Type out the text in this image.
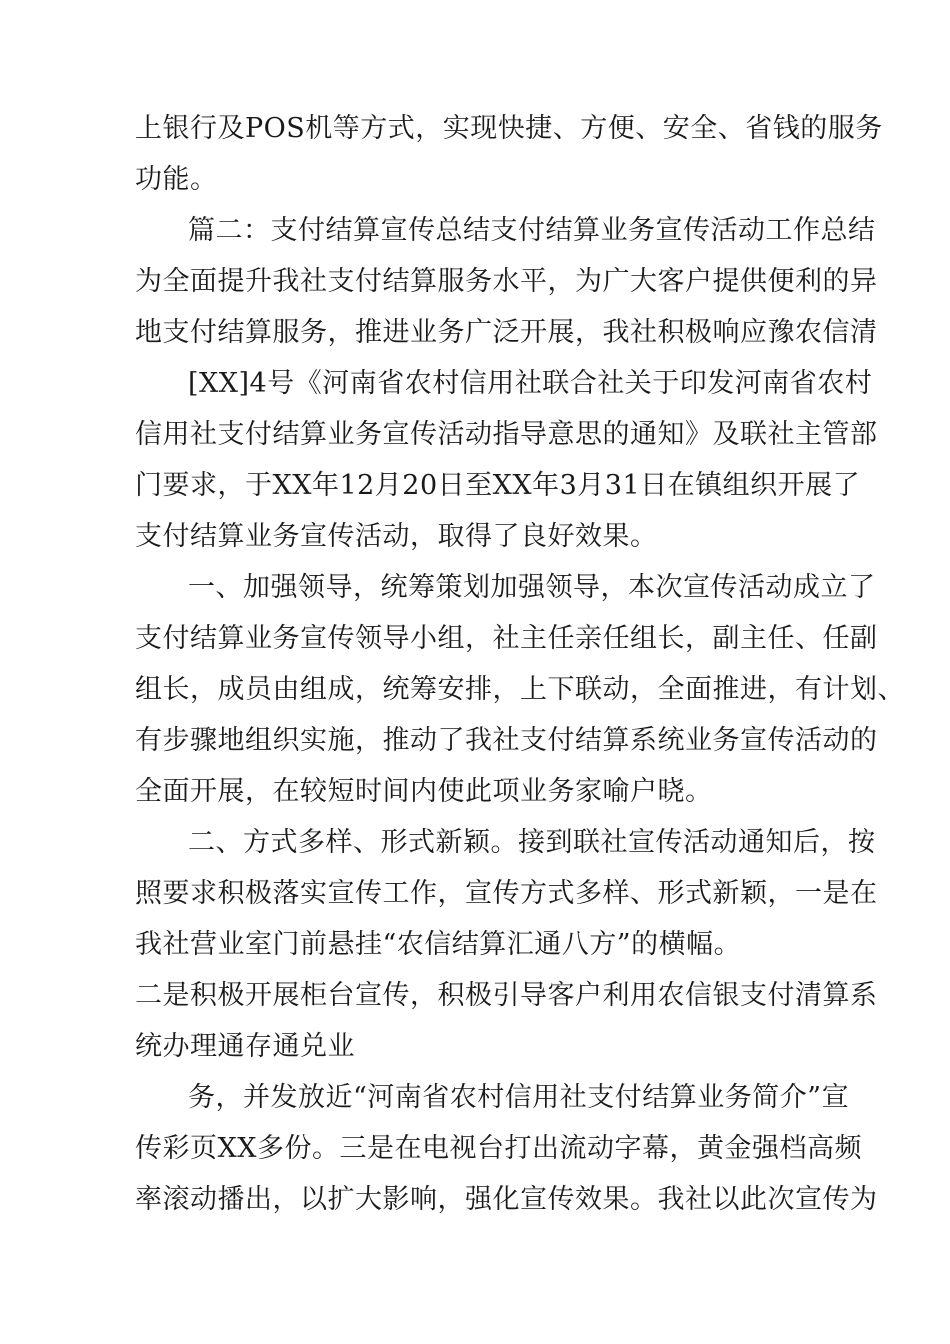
上银行及POS机等方式，实现快捷、方便、安全、省钱的服务
功能。
篇二：支付结算宣传总结支付结算业务宣传活动工作总结
为全面提升我社支付结算服务水平，为广大客户提供便利的异
地支付结算服务，推进业务广泛开展，我社积极响应豫农信清
[XX]4号《河南省农村信用社联合社关于印发河南省农村
信用社支付结算业务宣传活动指导意思的通知》及联社主管部
门要求，于XX年12月20日至XX年3月31日在镇组织开展了
支付结算业务宣传活动，取得了良好效果。
一、加强领导，统筹策划加强领导，本次宣传活动成立了
支付结算业务宣传领导小组，社主任亲任组长，副主任、任副
组长，成员由组成，统筹安排，上下联动，全面推进，有计划、
有步骤地组织实施，推动了我社支付结算系统业务宣传活动的
全面开展，在较短时间内使此项业务家喻户晓。
二、方式多样、形式新颖。接到联社宣传活动通知后，按
照要求积极落实宣传工作，宣传方式多样、形式新颖，一是在
我社营业室门前悬挂“农信结算汇通八方”的横幅。
二是积极开展柜台宣传，积极引导客户利用农信银支付清算系
统办理通存通兑业
务，并发放近“河南省农村信用社支付结算业务简介”宣
传彩页XX多份。三是在电视台打出流动字幕，黄金强档高频
率滚动播出，以扩大影响，强化宣传效果。我社以此次宣传为
